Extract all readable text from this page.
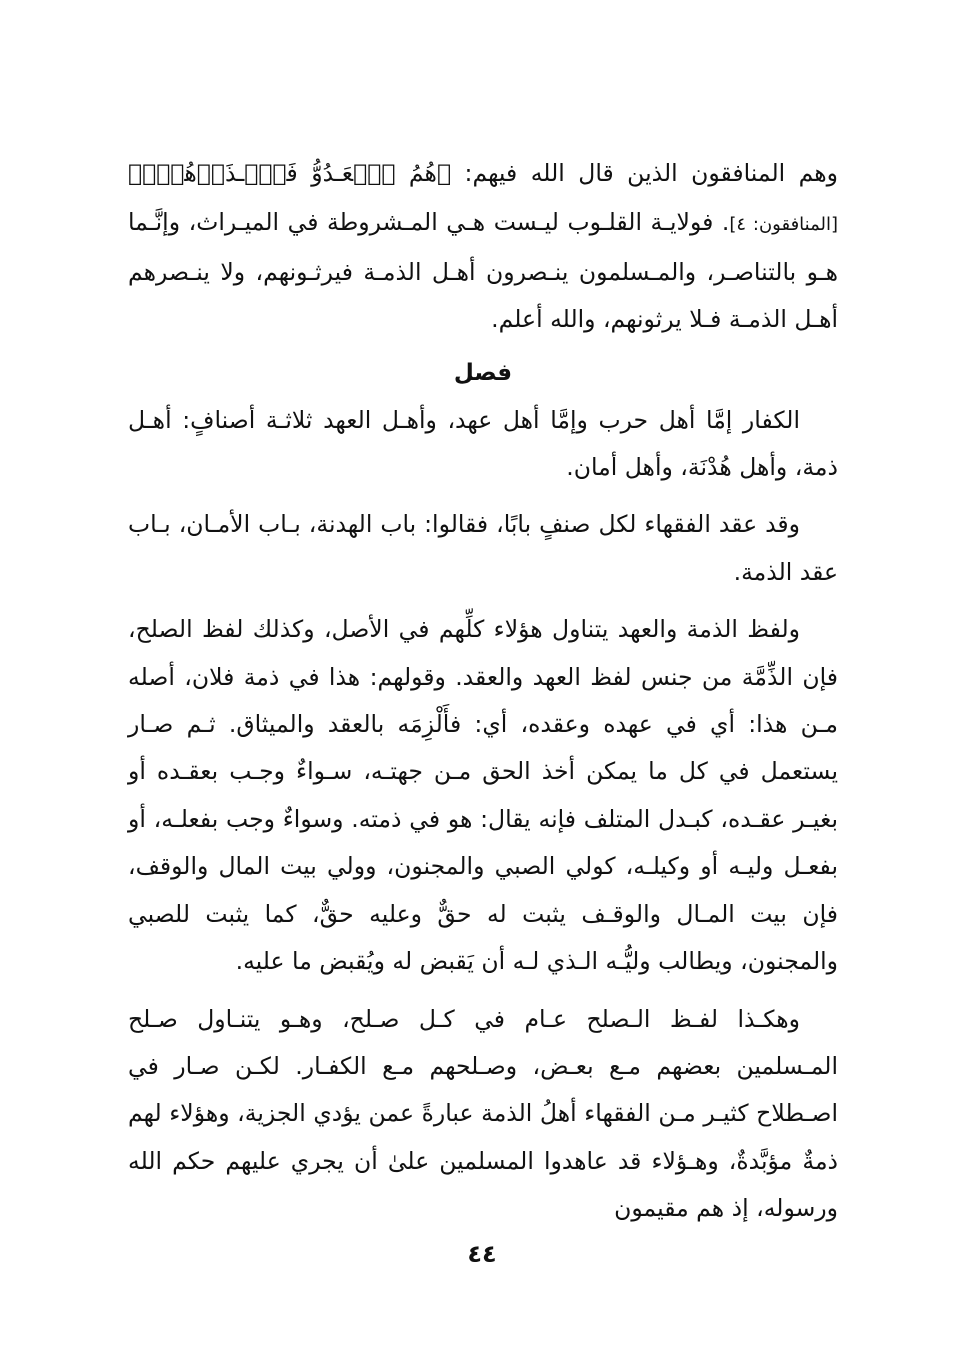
وهم المنافقون الذين قال الله فيهم: ﴿هُمُ ٱلۡعَـدُوُّ فَٱحۡـذَرۡهُمۡۚ﴾ [المنافقون: ٤]. فولايـة القلـوب ليـست هـي المـشروطة في الميـراث، وإنَّـما هـو بالتناصـر، والمـسلمون ينـصرون أهـل الذمـة فيرثـونهم، ولا ينـصرهم أهـل الذمـة فـلا يرثونهم، والله أعلم.

فصل

الكفار إمَّا أهل حرب وإمَّا أهل عهد، وأهـل العهد ثلاثـة أصنافٍ: أهـل ذمة، وأهل هُدْنَة، وأهل أمان.

وقد عقد الفقهاء لكل صنفٍ بابًا، فقالوا: باب الهدنة، بـاب الأمـان، بـاب عقد الذمة.

ولفظ الذمة والعهد يتناول هؤلاء كلِّهم في الأصل، وكذلك لفظ الصلح، فإن الذِّمَّة من جنس لفظ العهد والعقد. وقولهم: هذا في ذمة فلان، أصله مـن هذا: أي في عهده وعقده، أي: فأَلْزِمَه بالعقد والميثاق. ثـم صـار يستعمل في كل ما يمكن أخذ الحق مـن جهتـه، سـواءٌ وجـب بعقـده أو بغيـر عقـده، كبـدل المتلف فإنه يقال: هو في ذمته. وسواءٌ وجب بفعلـه، أو بفعـل وليـه أو وكيلـه، كولي الصبي والمجنون، وولي بيت المال والوقف، فإن بيت المـال والوقـف يثبت له حقٌّ وعليه حقٌّ، كما يثبت للصبي والمجنون، ويطالب وليُّـه الـذي لـه أن يَقبض له ويُقبض ما عليه.

وهكـذا لفـظ الـصلح عـام في كـل صـلح، وهـو يتنـاول صـلح المـسلمين بعضهم مـع بعـض، وصـلحهم مـع الكفـار. لكـن صـار في اصـطلاح كثيـر مـن الفقهاء أهلُ الذمة عبارةً عمن يؤدي الجزية، وهؤلاء لهم ذمةٌ مؤبَّدةٌ، وهـؤلاء قد عاهدوا المسلمين علىٰ أن يجري عليهم حكم الله ورسوله، إذ هم مقيمون

٤٤
